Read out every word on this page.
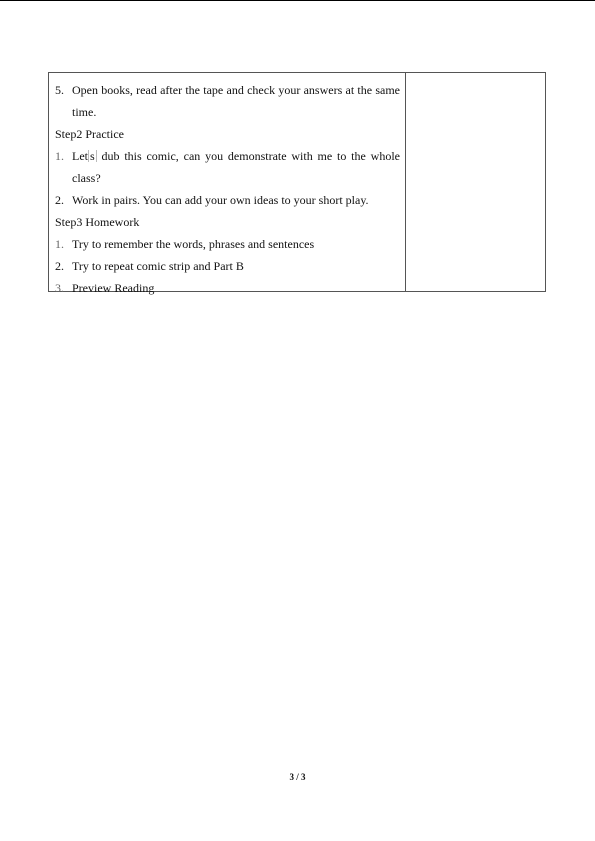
5. Open books, read after the tape and check your answers at the same
time.
Step2 Practice
1. Let s dub this comic, can you demonstrate with me to the whole
class?
2. Work in pairs. You can add your own ideas to your short play.
Step3 Homework
1. Try to remember the words, phrases and sentences
2. Try to repeat comic strip and Part B
3. Preview Reading
3 / 3
